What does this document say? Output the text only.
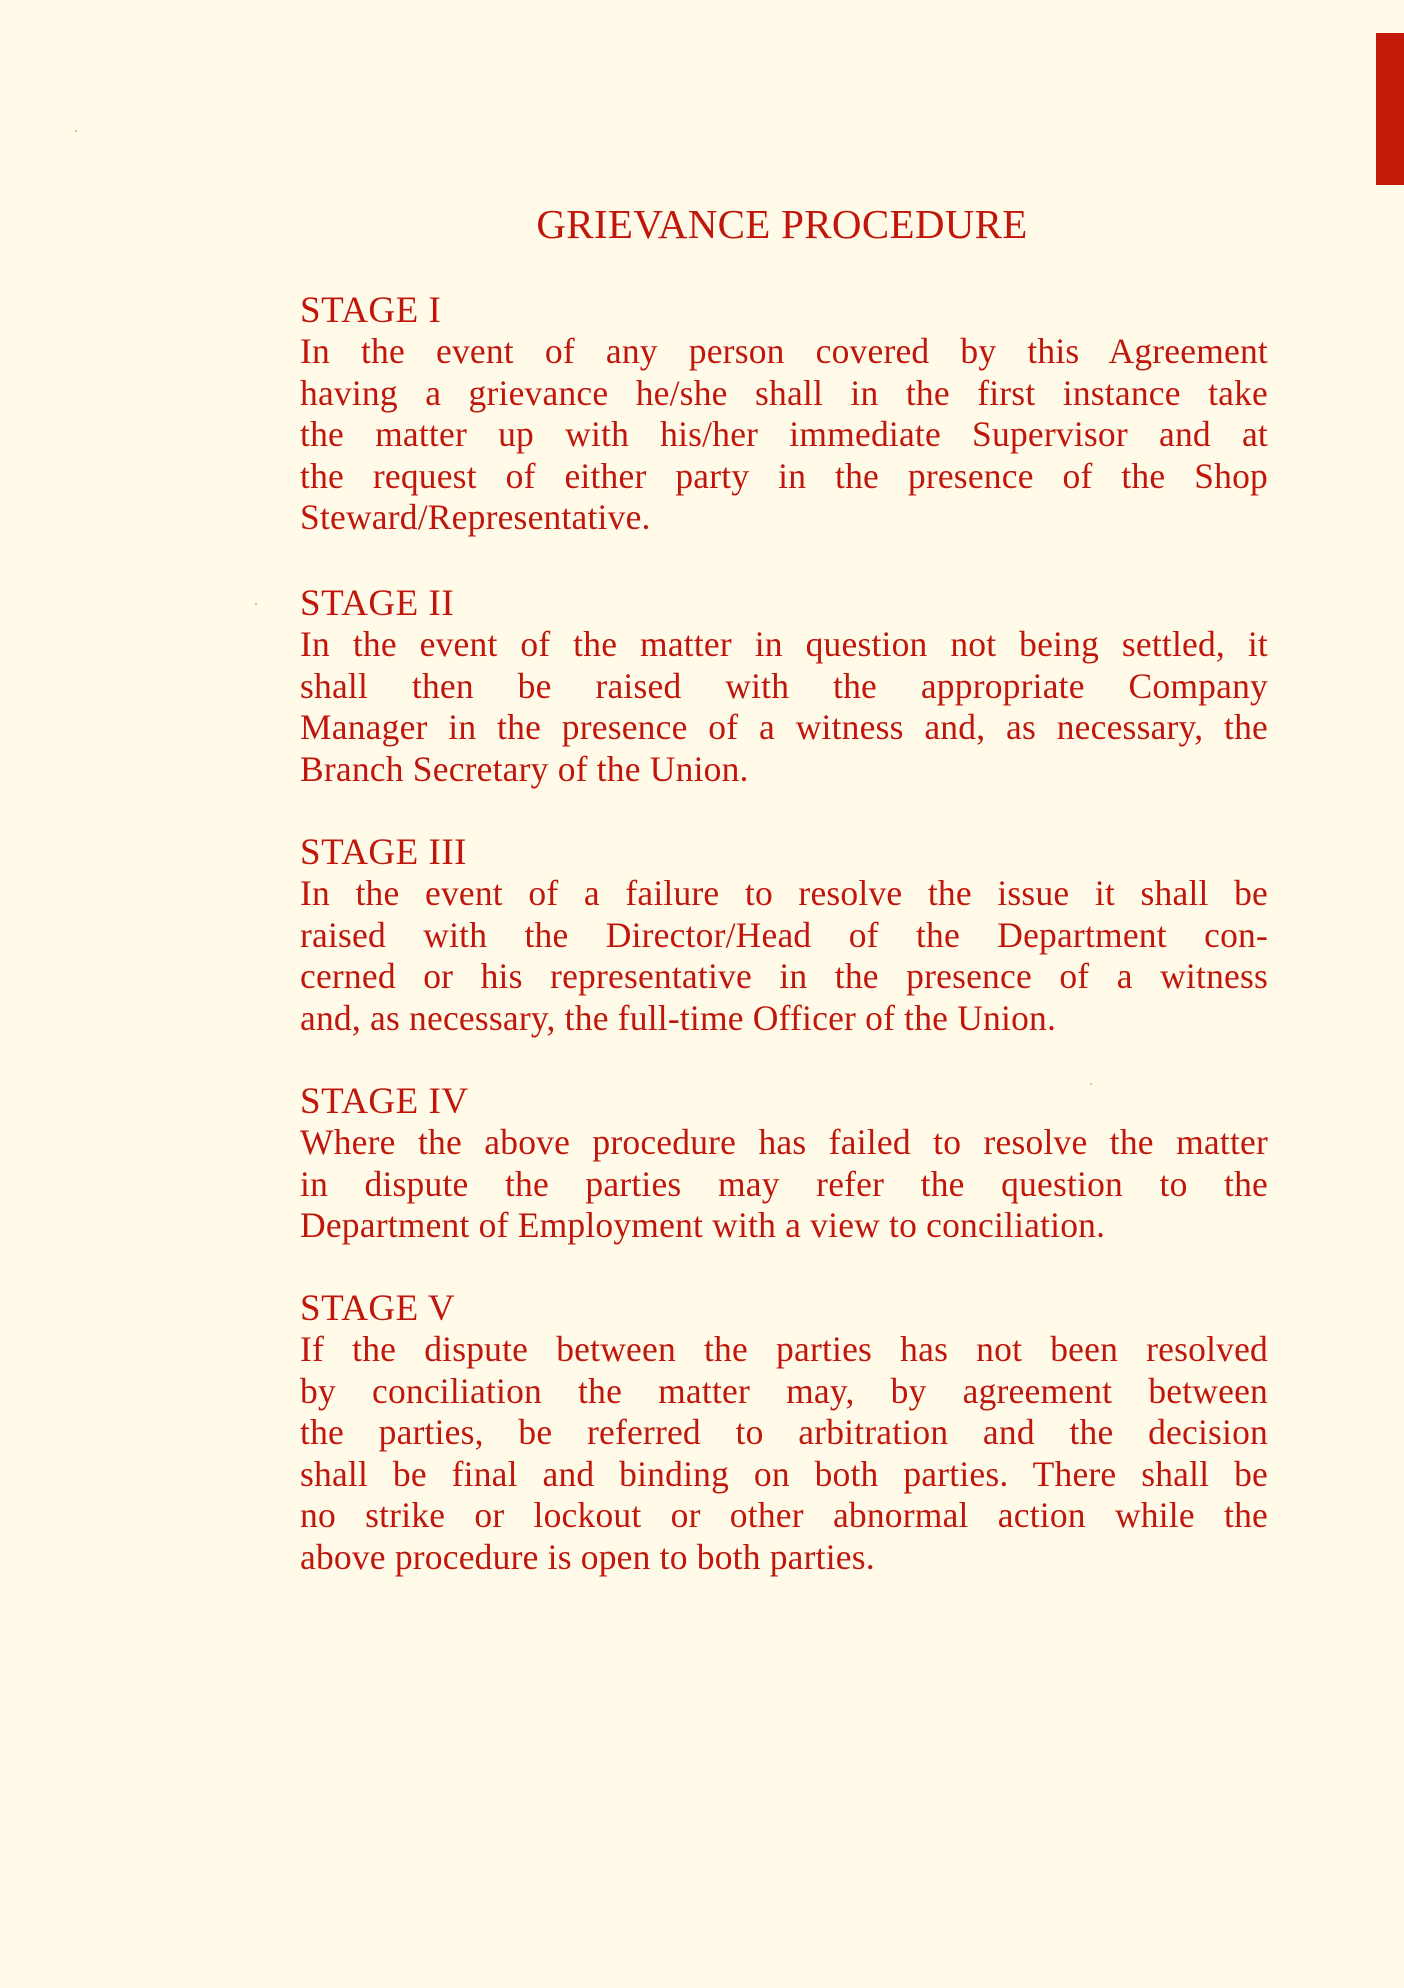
GRIEVANCE PROCEDURE
STAGE I
In the event of any person covered by this Agreement
having a grievance he/she shall in the first instance take
the matter up with his/her immediate Supervisor and at
the request of either party in the presence of the Shop
Steward/Representative.
STAGE II
In the event of the matter in question not being settled, it
shall then be raised with the appropriate Company
Manager in the presence of a witness and, as necessary, the
Branch Secretary of the Union.
STAGE III
In the event of a failure to resolve the issue it shall be
raised with the Director/Head of the Department con-
cerned or his representative in the presence of a witness
and, as necessary, the full-time Officer of the Union.
STAGE IV
Where the above procedure has failed to resolve the matter
in dispute the parties may refer the question to the
Department of Employment with a view to conciliation.
STAGE V
If the dispute between the parties has not been resolved
by conciliation the matter may, by agreement between
the parties, be referred to arbitration and the decision
shall be final and binding on both parties. There shall be
no strike or lockout or other abnormal action while the
above procedure is open to both parties.
